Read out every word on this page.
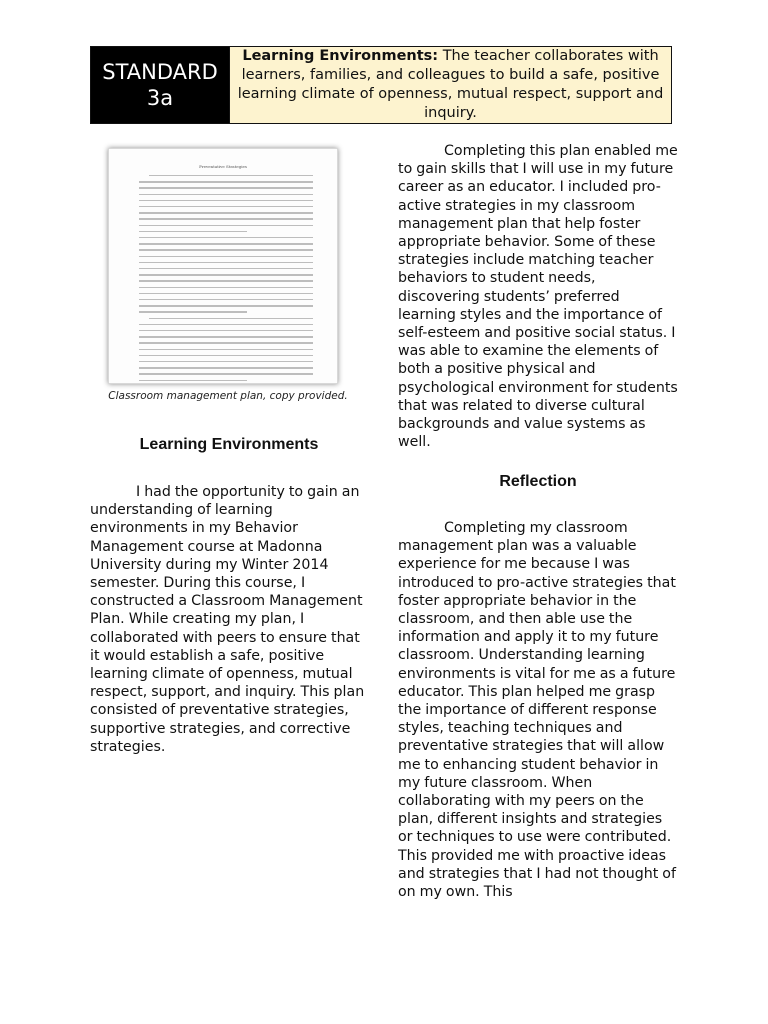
STANDARD
3a
Learning Environments: The teacher collaborates with learners, families, and colleagues to build a safe, positive learning climate of openness, mutual respect, support and inquiry.
Preventative Strategies
Classroom management plan, copy provided.
Learning Environments

I had the opportunity to gain an understanding of learning environments in my Behavior Management course at Madonna University during my Winter 2014 semester. During this course, I constructed a Classroom Management Plan. While creating my plan, I collaborated with peers to ensure that it would establish a safe, positive learning climate of openness, mutual respect, support, and inquiry. This plan consisted of preventative strategies, supportive strategies, and corrective strategies.

Completing this plan enabled me to gain skills that I will use in my future career as an educator. I included pro-active strategies in my classroom management plan that help foster appropriate behavior. Some of these strategies include matching teacher behaviors to student needs, discovering students’ preferred learning styles and the importance of self-esteem and positive social status. I was able to examine the elements of both a positive physical and psychological environment for students that was related to diverse cultural backgrounds and value systems as well.

Reflection

Completing my classroom management plan was a valuable experience for me because I was introduced to pro-active strategies that foster appropriate behavior in the classroom, and then able use the information and apply it to my future classroom. Understanding learning environments is vital for me as a future educator. This plan helped me grasp the importance of different response styles, teaching techniques and preventative strategies that will allow me to enhancing student behavior in my future classroom. When collaborating with my peers on the plan, different insights and strategies or techniques to use were contributed. This provided me with proactive ideas and strategies that I had not thought of on my own. This
